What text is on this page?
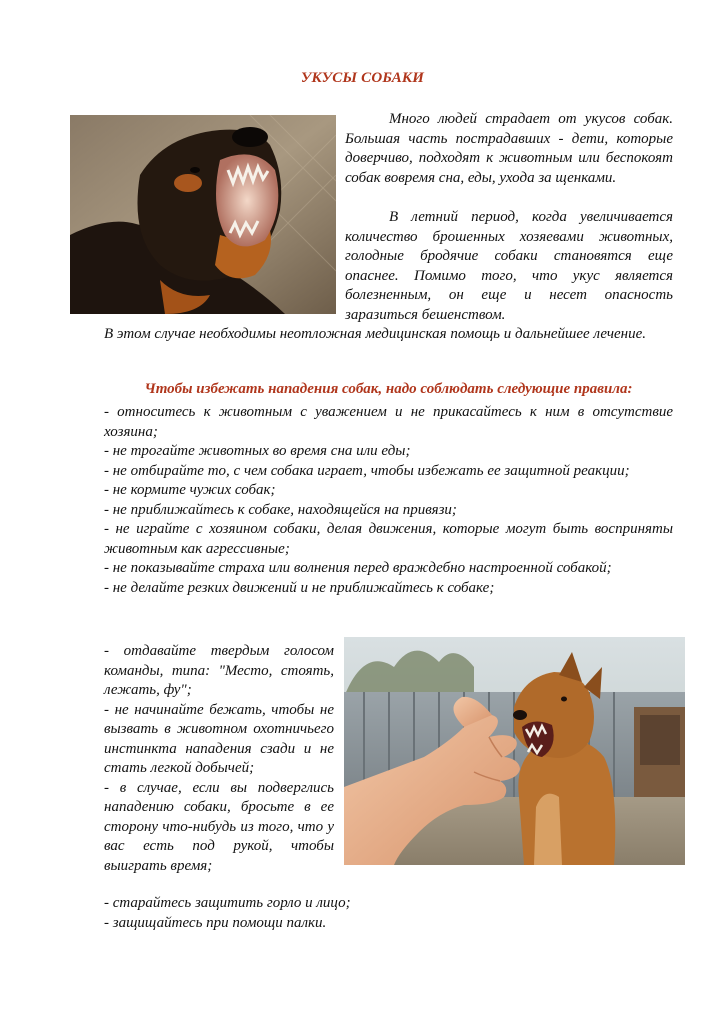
УКУСЫ СОБАКИ

Много людей страдает от укусов собак. Большая часть пострадавших - дети, которые доверчиво, подходят к животным или беспокоят собак вовремя сна, еды, ухода за щенками.

В летний период, когда увеличивается количество брошенных хозяевами животных, голодные бродячие собаки становятся еще опаснее. Помимо того, что укус является болезненным, он еще и несет опасность заразиться бешенством.

В этом случае необходимы неотложная медицинская помощь и дальнейшее лечение.

Чтобы избежать нападения собак, надо соблюдать следующие правила:
- относитесь к животным с уважением и не прикасайтесь к ним в отсутствие хозяина;
- не трогайте животных во время сна или еды;
- не отбирайте то, с чем собака играет, чтобы избежать ее защитной реакции;
- не кормите чужих собак;
- не приближайтесь к собаке, находящейся на привязи;
- не играйте с хозяином собаки, делая движения, которые могут быть восприняты животным как агрессивные;
- не показывайте страха или волнения перед враждебно настроенной собакой;
- не делайте резких движений и не приближайтесь к собаке;
- отдавайте твердым голосом команды, типа: "Место, стоять, лежать, фу";
- не начинайте бежать, чтобы не вызвать в животном охотничьего инстинкта нападения сзади и не стать легкой добычей;
- в случае, если вы подверглись нападению собаки, бросьте в ее сторону что-нибудь из того, что у вас есть под рукой, чтобы выиграть время;
- старайтесь защитить горло и лицо;
- защищайтесь при помощи палки.
